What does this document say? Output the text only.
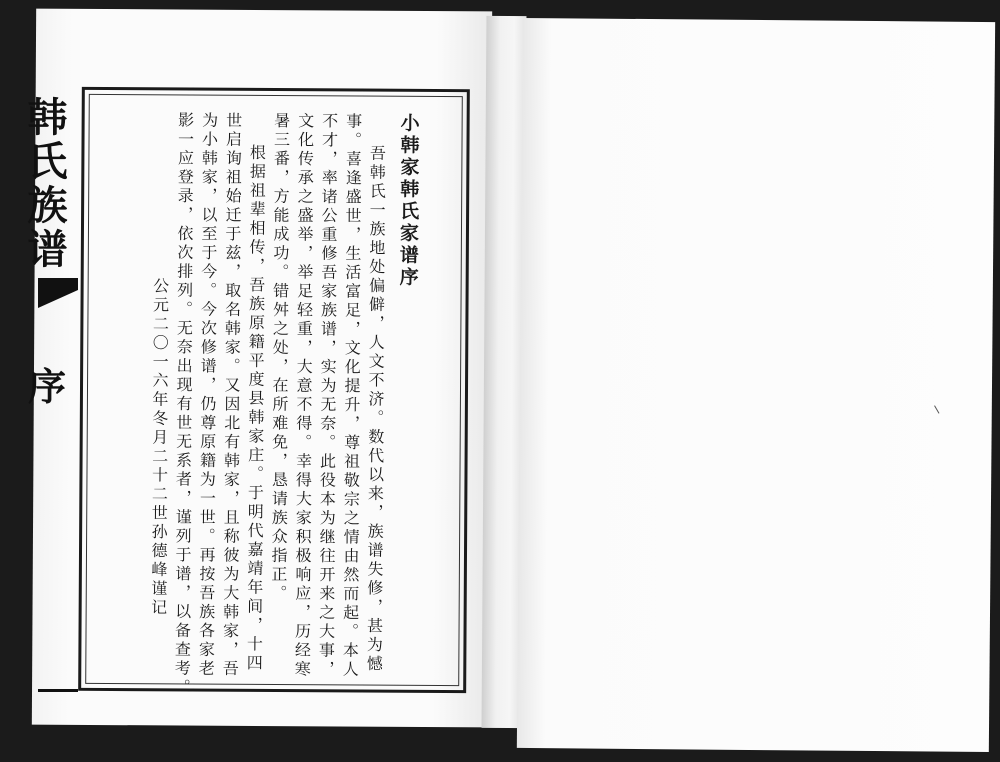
韩氏族谱
序
小韩家韩氏家谱序
吾韩氏一族地处偏僻，人文不济。数代以来，族谱失修，甚为憾
事。喜逢盛世，生活富足，文化提升，尊祖敬宗之情由然而起。本人
不才，率诸公重修吾家族谱，实为无奈。此役本为继往开来之大事，
文化传承之盛举，举足轻重，大意不得。幸得大家积极响应，历经寒
暑三番，方能成功。错舛之处，在所难免，恳请族众指正。
根据祖辈相传，吾族原籍平度县韩家庄。于明代嘉靖年间，十四
世启询祖始迁于兹，取名韩家。又因北有韩家，且称彼为大韩家，吾
为小韩家，以至于今。今次修谱，仍尊原籍为一世。再按吾族各家老
影一应登录，依次排列。无奈出现有世无系者，谨列于谱，以备查考。
公元二〇一六年冬月二十二世孙德峰谨记
